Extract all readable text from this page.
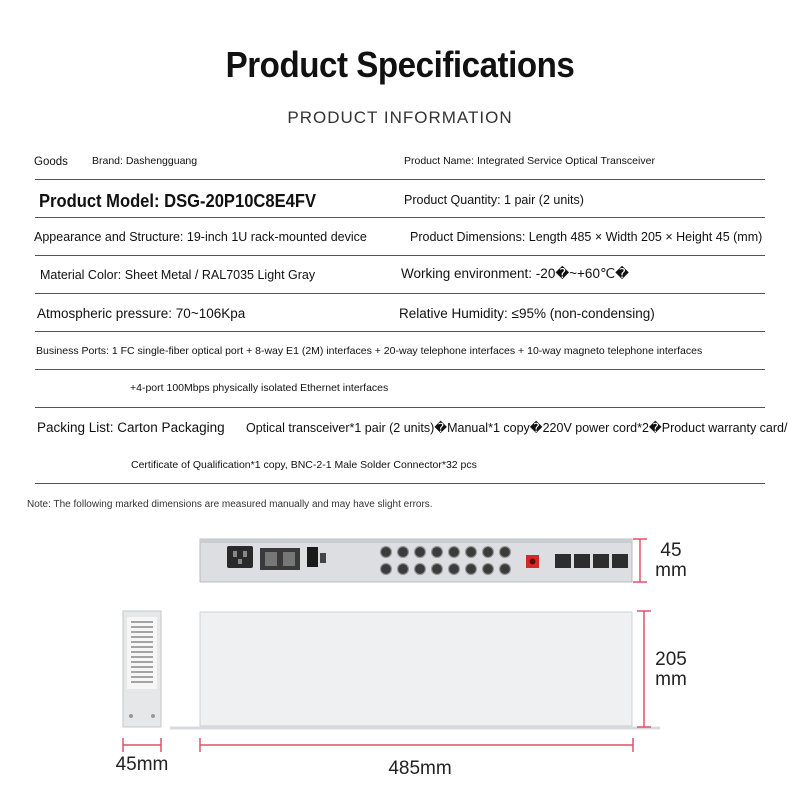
Product Specifications
PRODUCT INFORMATION
Goods Brand: Dashengguang	Product Name: Integrated Service Optical Transceiver
Product Model: DSG-20P10C8E4FV	Product Quantity: 1 pair (2 units)
Appearance and Structure: 19-inch 1U rack-mounted device	Product Dimensions: Length 485 × Width 205 × Height 45 (mm)
Material Color: Sheet Metal / RAL7035 Light Gray	Working environment: -20�~+60℃�
Atmospheric pressure: 70~106Kpa	Relative Humidity: ≤95% (non-condensing)
Business Ports: 1 FC single-fiber optical port + 8-way E1 (2M) interfaces + 20-way telephone interfaces + 10-way magneto telephone interfaces
+4-port 100Mbps physically isolated Ethernet interfaces
Packing List: Carton Packaging Optical transceiver*1 pair (2 units)�Manual*1 copy�220V power cord*2�Product warranty card/
Certificate of Qualification*1 copy, BNC-2-1 Male Solder Connector*32 pcs
Note: The following marked dimensions are measured manually and may have slight errors.
45
mm
205
mm
45mm	485mm
